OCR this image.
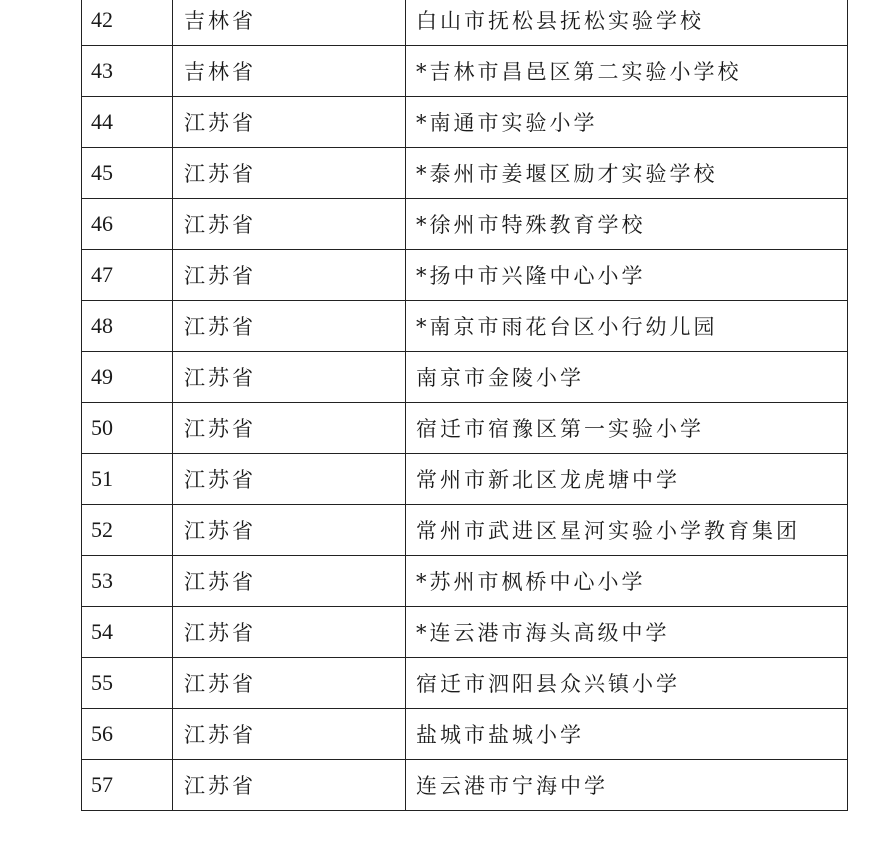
42	吉林省	白山市抚松县抚松实验学校
43	吉林省	*吉林市昌邑区第二实验小学校
44	江苏省	*南通市实验小学
45	江苏省	*泰州市姜堰区励才实验学校
46	江苏省	*徐州市特殊教育学校
47	江苏省	*扬中市兴隆中心小学
48	江苏省	*南京市雨花台区小行幼儿园
49	江苏省	南京市金陵小学
50	江苏省	宿迁市宿豫区第一实验小学
51	江苏省	常州市新北区龙虎塘中学
52	江苏省	常州市武进区星河实验小学教育集团
53	江苏省	*苏州市枫桥中心小学
54	江苏省	*连云港市海头高级中学
55	江苏省	宿迁市泗阳县众兴镇小学
56	江苏省	盐城市盐城小学
57	江苏省	连云港市宁海中学
